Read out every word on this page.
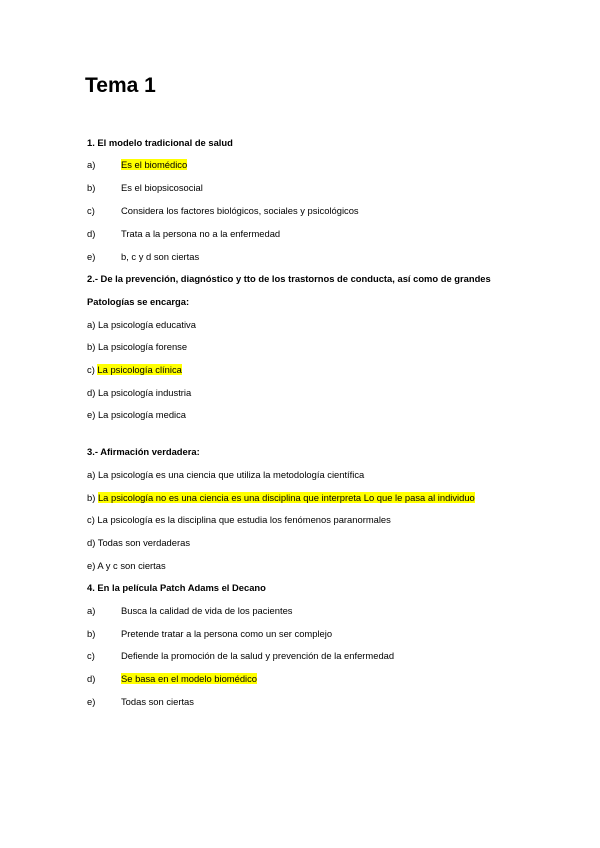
Tema 1
1. El modelo tradicional de salud
a)	Es el biomédico
b)	Es el biopsicosocial
c)	Considera los factores biológicos, sociales y psicológicos
d)	Trata a la persona no a la enfermedad
e)	b, c y d son ciertas
2.- De la prevención, diagnóstico y tto de los trastornos de conducta, así como de grandes
Patologías se encarga:
a) La psicología educativa
b) La psicología forense
c) La psicología clínica
d) La psicología industria
e) La psicología medica
3.- Afirmación verdadera:
a) La psicología es una ciencia que utiliza la metodología científica
b) La psicología no es una ciencia es una disciplina que interpreta Lo que le pasa al individuo
c) La psicología es la disciplina que estudia los fenómenos paranormales
d) Todas son verdaderas
e) A y c son ciertas
4. En la película Patch Adams el Decano
a)	Busca la calidad de vida de los pacientes
b)	Pretende tratar a la persona como un ser complejo
c)	Defiende la promoción de la salud y prevención de la enfermedad
d)	Se basa en el modelo biomédico
e)	Todas son ciertas
